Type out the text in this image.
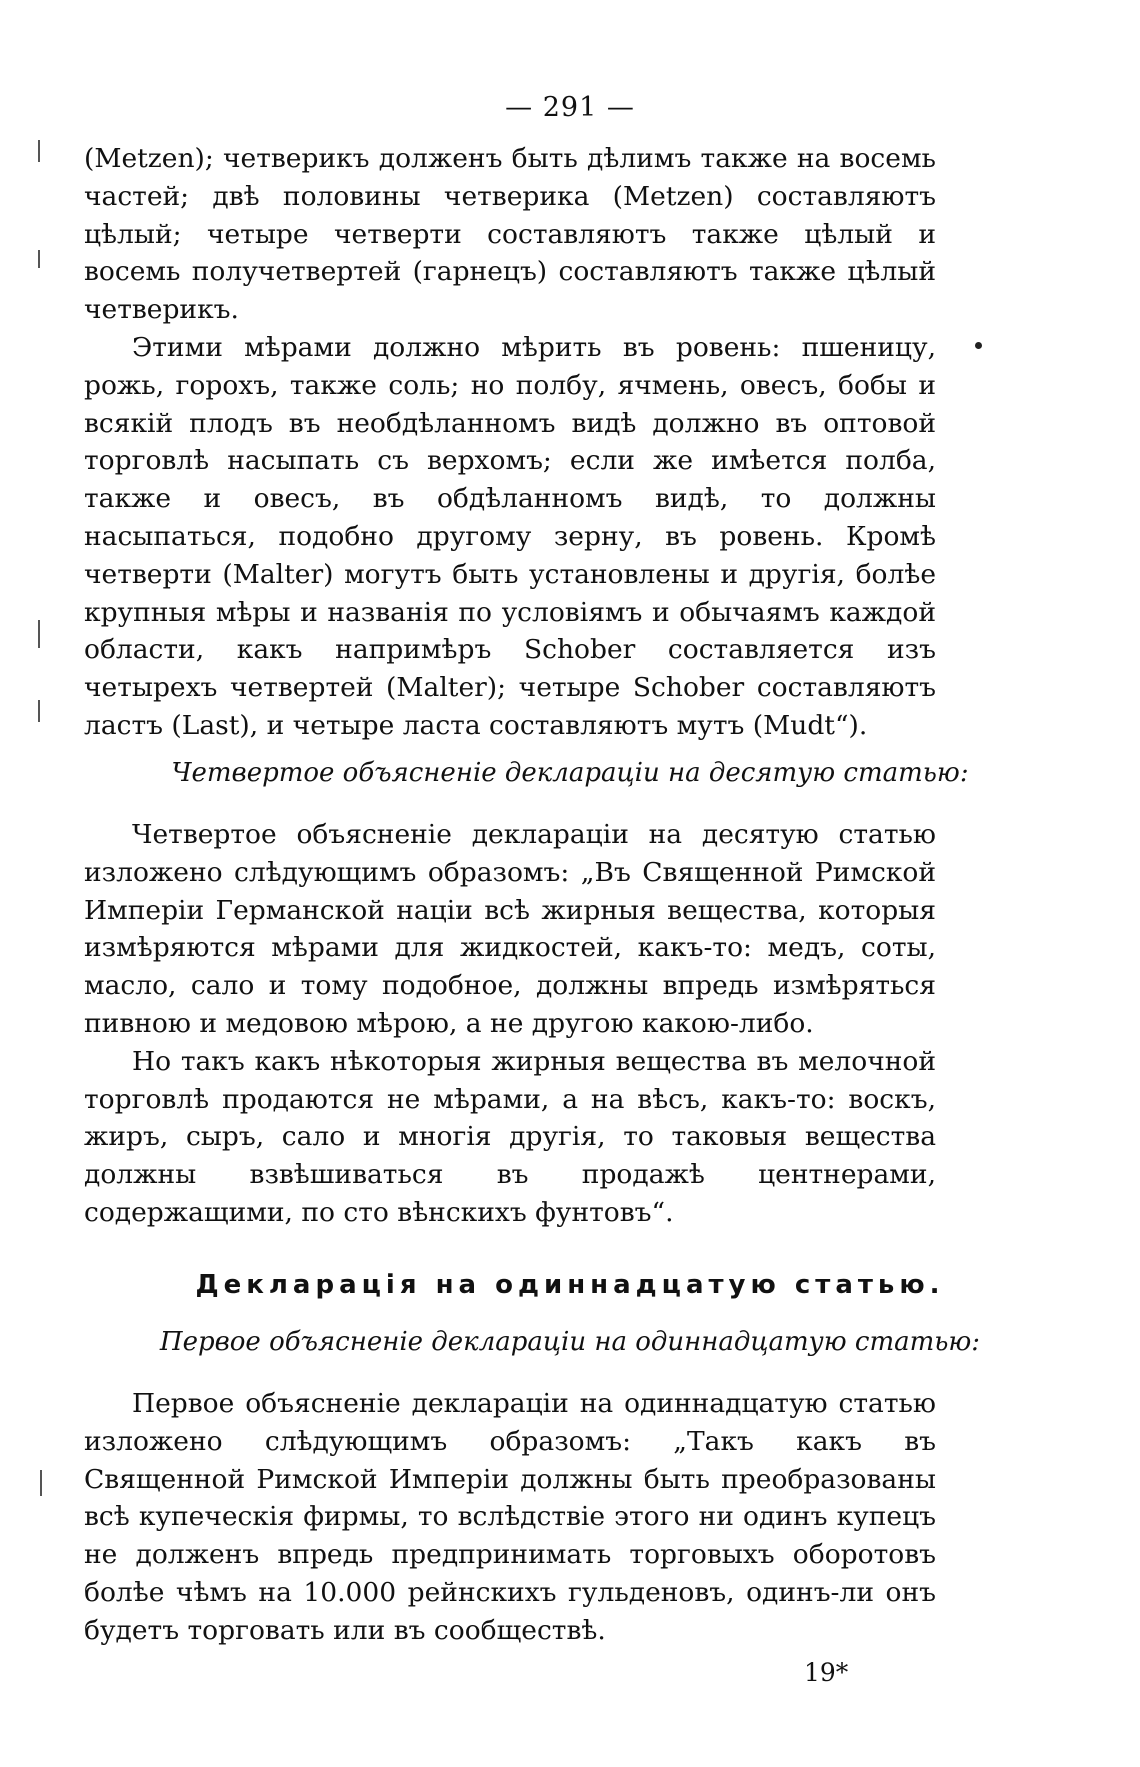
— 291 —

(Metzen); четверикъ долженъ быть дѣлимъ также на восемь частей; двѣ половины четверика (Metzen) составляютъ цѣлый; четыре четверти составляютъ также цѣлый и восемь получетвертей (гарнецъ) составляютъ также цѣлый четверикъ.

Этими мѣрами должно мѣрить въ ровень: пшеницу, рожь, горохъ, также соль; но полбу, ячмень, овесъ, бобы и всякій плодъ въ необдѣланномъ видѣ должно въ оптовой торговлѣ насыпать съ верхомъ; если же имѣется полба, также и овесъ, въ обдѣланномъ видѣ, то должны насыпаться, подобно другому зерну, въ ровень. Кромѣ четверти (Malter) могутъ быть установлены и другія, болѣе крупныя мѣры и названія по условіямъ и обычаямъ каждой области, какъ напримѣръ Schober составляется изъ четырехъ четвертей (Malter); четыре Schober составляютъ ластъ (Last), и четыре ласта составляютъ мутъ (Mudt“).

Четвертое объясненіе деклараціи на десятую статью:

Четвертое объясненіе декларацiи на десятую статью изложено слѣдующимъ образомъ: „Въ Священной Римской Имперіи Германской націи всѣ жирныя вещества, которыя измѣряются мѣрами для жидкостей, какъ-то: медъ, соты, масло, сало и тому подобное, должны впредь измѣряться пивною и медовою мѣрою, а не другою какою-либо.

Но такъ какъ нѣкоторыя жирныя вещества въ мелочной торговлѣ продаются не мѣрами, а на вѣсъ, какъ-то: воскъ, жиръ, сыръ, сало и многія другія, то таковыя вещества должны взвѣшиваться въ продажѣ центнерами, содержащими, по сто вѣнскихъ фунтовъ“.

Декларація на одиннадцатую статью.
Первое объясненіе деклараціи на одиннадцатую статью:

Первое объясненіе декларацiи на одиннадцатую статью изложено слѣдующимъ образомъ: „Такъ какъ въ Священной Римской Имперіи должны быть преобразованы всѣ купеческія фирмы, то вслѣдствіе этого ни одинъ купецъ не долженъ впредь предпринимать торговыхъ оборотовъ болѣе чѣмъ на 10.000 рейнскихъ гульденовъ, одинъ-ли онъ будетъ торговать или въ сообществѣ.

19*
